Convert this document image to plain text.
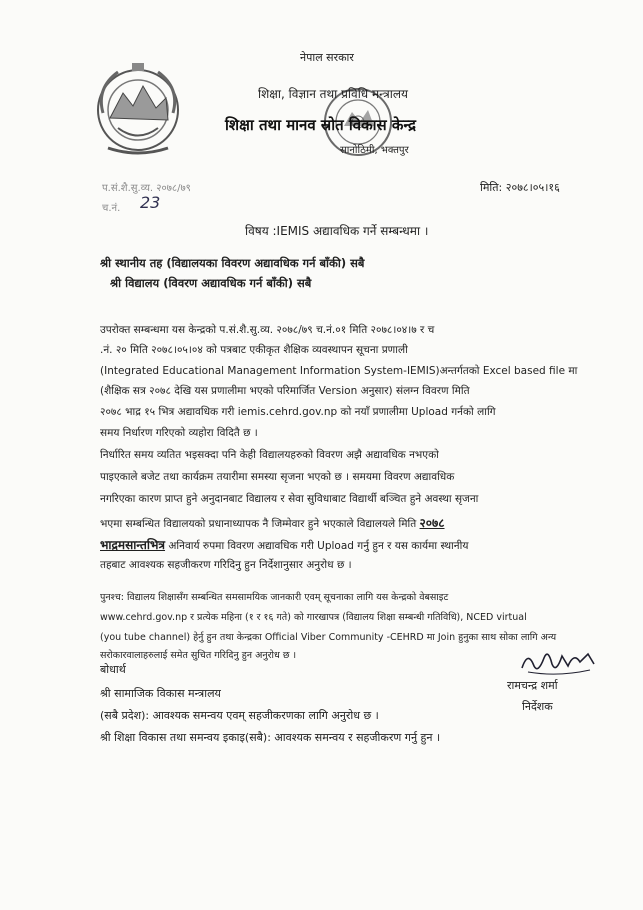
नेपाल सरकार
शिक्षा, विज्ञान तथा प्रविधि मन्त्रालय
शिक्षा तथा मानव स्रोत विकास केन्द्र
सानोठिमी, भक्तपुर
प.सं.शै.सु.व्य. २०७८/७९
च.नं. 23
मिति: २०७८।०५।१६
विषय :IEMIS अद्यावधिक गर्ने सम्बन्धमा ।
श्री स्थानीय तह (विद्यालयका विवरण अद्यावधिक गर्न बाँकी) सबै
श्री विद्यालय (विवरण अद्यावधिक गर्न बाँकी) सबै
उपरोक्त सम्बन्धमा यस केन्द्रको प.सं.शै.सु.व्य. २०७८/७९ च.नं.०१ मिति २०७८।०४।७ र च
.नं. २० मिति २०७८।०५।०४ को पत्रबाट एकीकृत शैक्षिक व्यवस्थापन सूचना प्रणाली
(Integrated Educational Management Information System-IEMIS)अन्तर्गतको Excel based file मा
(शैक्षिक सत्र २०७८ देखि यस प्रणालीमा भएको परिमार्जित Version अनुसार) संलग्न विवरण मिति
२०७८ भाद्र १५ भित्र अद्यावधिक गरी iemis.cehrd.gov.np को नयाँ प्रणालीमा Upload गर्नको लागि
समय निर्धारण गरिएको व्यहोरा विदितै छ ।
निर्धारित समय व्यतित भइसक्दा पनि केही विद्यालयहरुको विवरण अझै अद्यावधिक नभएको
पाइएकाले बजेट तथा कार्यक्रम तयारीमा समस्या सृजना भएको छ । समयमा विवरण अद्यावधिक
नगरिएका कारण प्राप्त हुने अनुदानबाट विद्यालय र सेवा सुविधाबाट विद्यार्थी बञ्चित हुने अवस्था सृजना
भएमा सम्बन्धित विद्यालयको प्रधानाध्यापक नै जिम्मेवार हुने भएकाले विद्यालयले मिति २०७८
भाद्रमसान्तभित्र अनिवार्य रुपमा विवरण अद्यावधिक गरी Upload गर्नु हुन र यस कार्यमा स्थानीय
तहबाट आवश्यक सहजीकरण गरिदिनु हुन निर्देशानुसार अनुरोध छ ।
पुनश्च: विद्यालय शिक्षासँग सम्बन्धित समसामयिक जानकारी एवम् सूचनाका लागि यस केन्द्रको वेबसाइट
www.cehrd.gov.np र प्रत्येक महिना (१ र १६ गते) को गारखापत्र (विद्यालय शिक्षा सम्बन्धी गतिविधि), NCED virtual
(you tube channel) हेर्नु हुन तथा केन्द्रका Official Viber Community -CEHRD मा Join हुनुका साथ सोका लागि अन्य
सरोकारवालाहरुलाई समेत सुचित गरिदिनु हुन अनुरोध छ ।
रामचन्द्र शर्मा
निर्देशक
बोधार्थ
श्री सामाजिक विकास मन्त्रालय
(सबै प्रदेश): आवश्यक समन्वय एवम् सहजीकरणका लागि अनुरोध छ ।
श्री शिक्षा विकास तथा समन्वय इकाइ(सबै): आवश्यक समन्वय र सहजीकरण गर्नु हुन ।
